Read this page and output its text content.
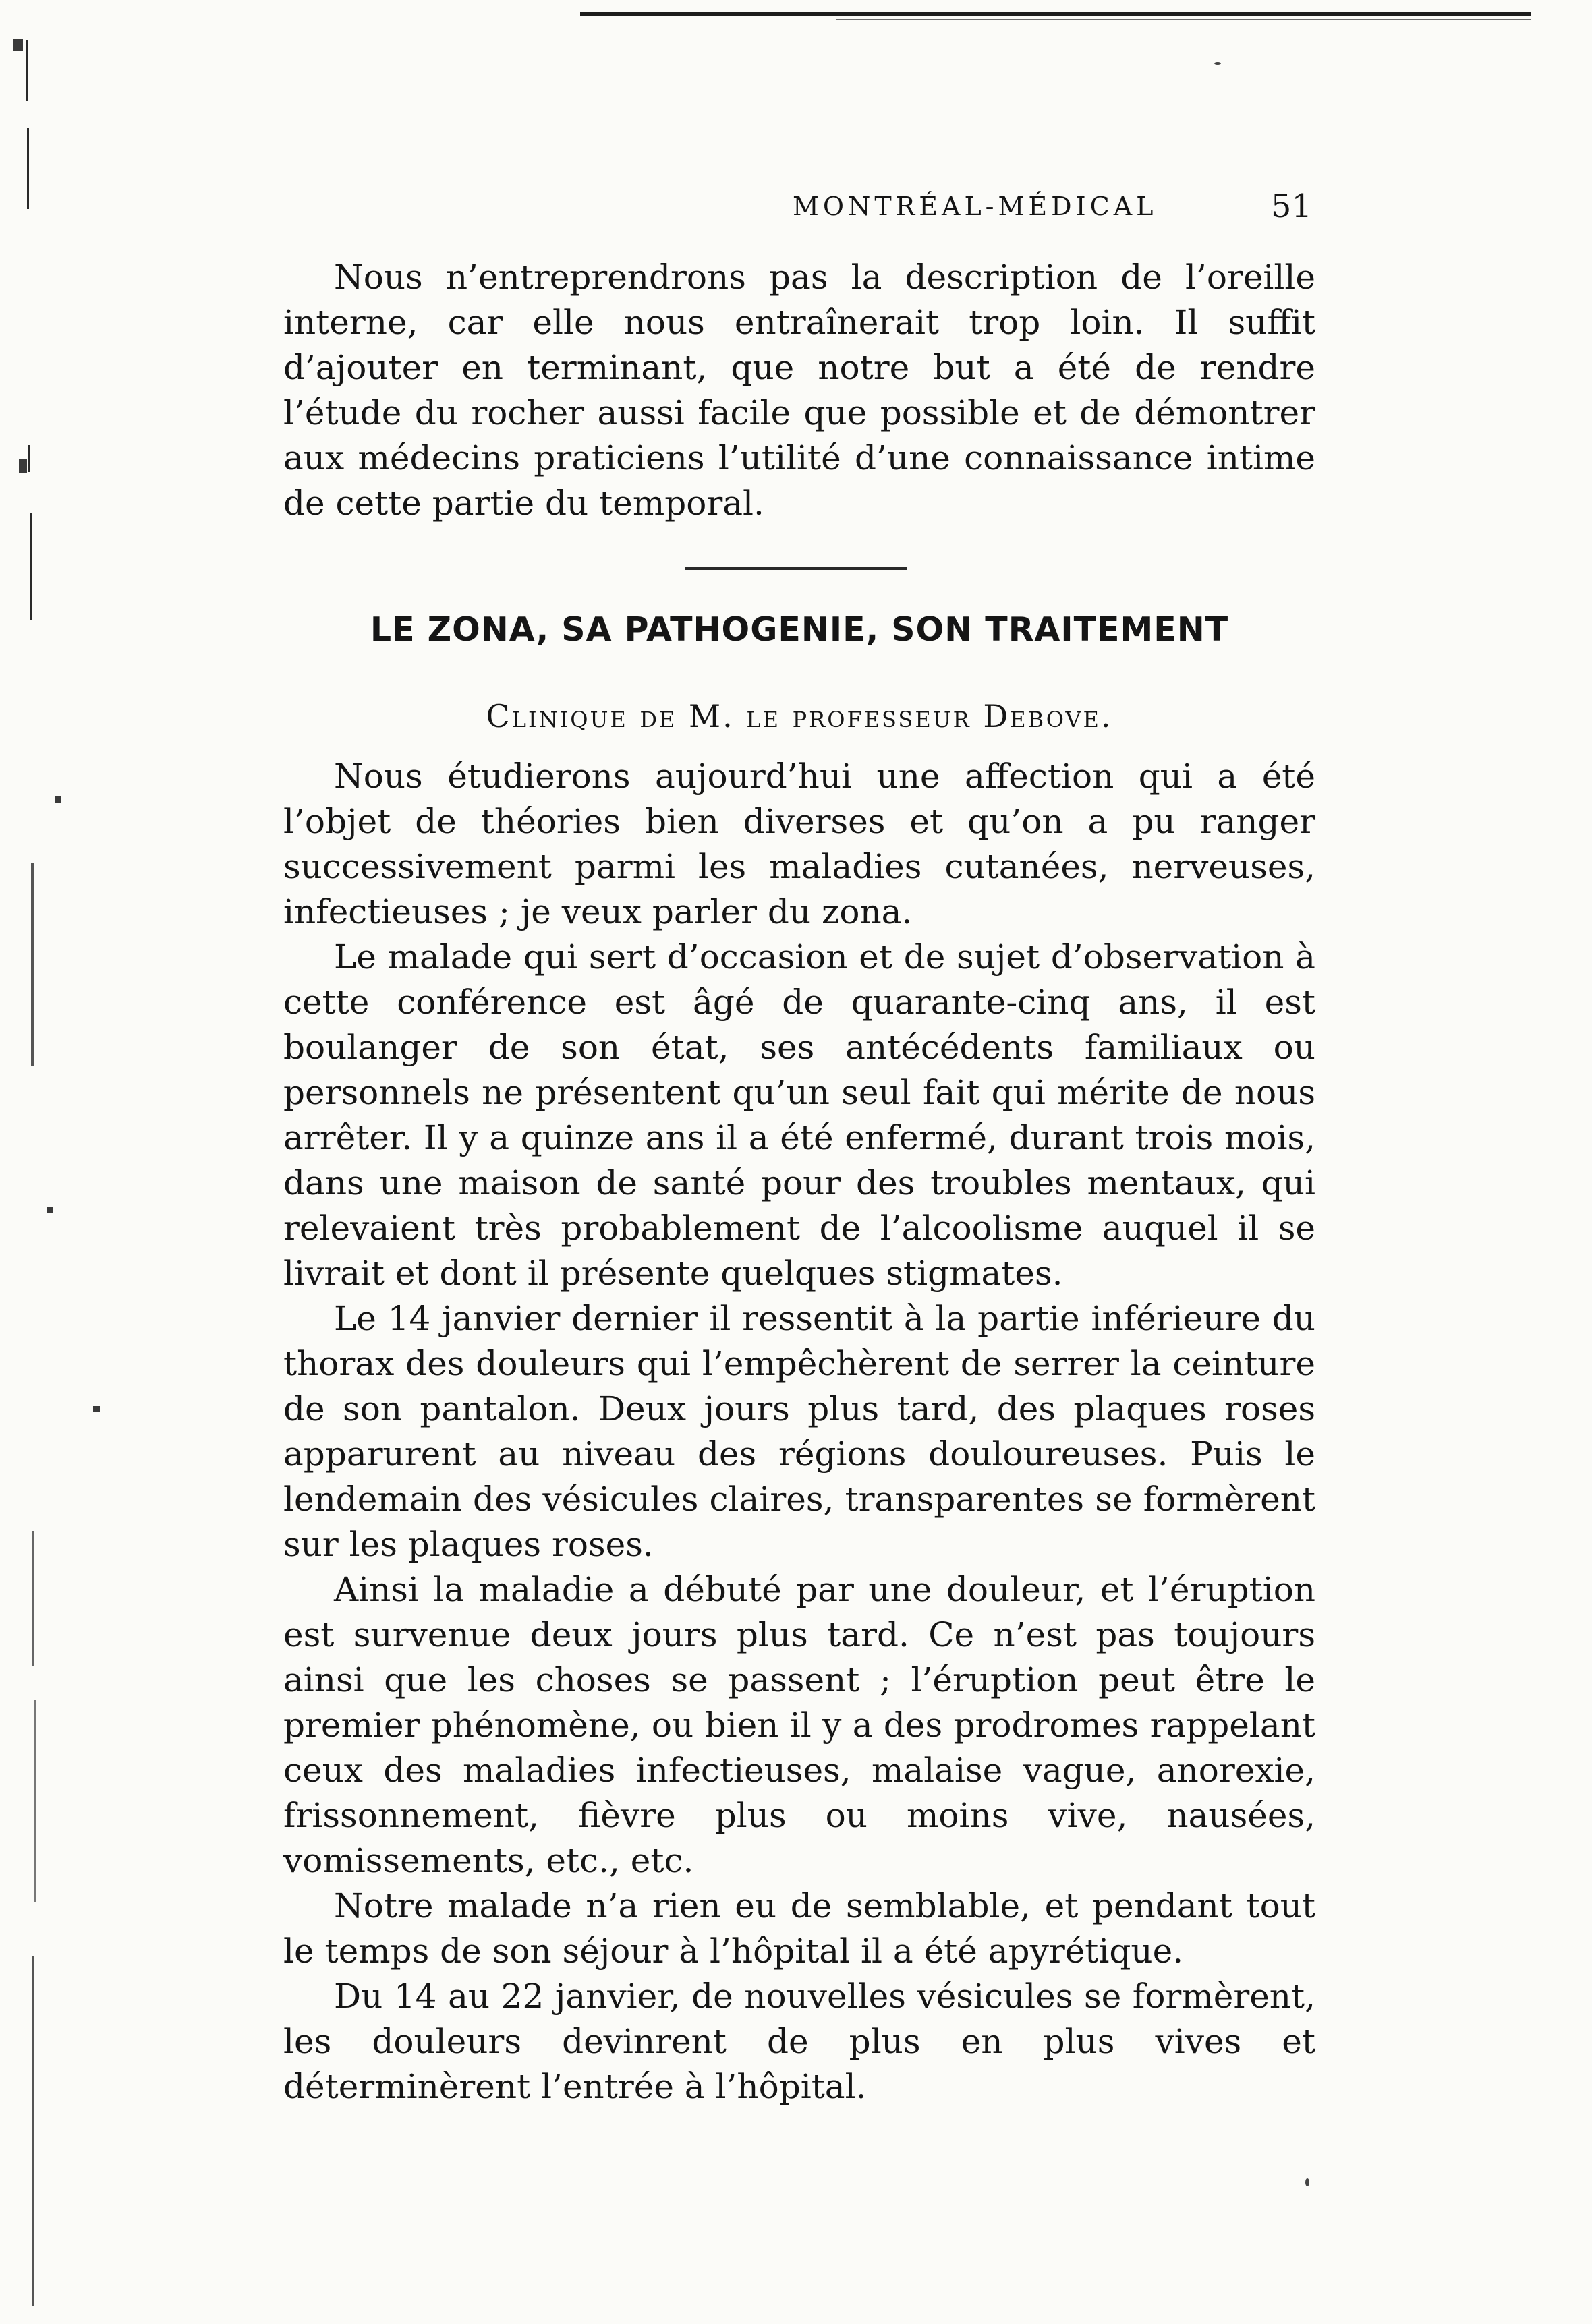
MONTRÉAL-MÉDICAL	51

Nous n’entreprendrons pas la description de l’oreille interne, car elle nous entraînerait trop loin. Il suffit d’ajouter en terminant, que notre but a été de rendre l’étude du rocher aussi facile que possible et de démontrer aux médecins praticiens l’utilité d’une connaissance intime de cette partie du temporal.

LE ZONA, SA PATHOGENIE, SON TRAITEMENT
Clinique de M. le professeur Debove.

Nous étudierons aujourd’hui une affection qui a été l’objet de théories bien diverses et qu’on a pu ranger successivement parmi les maladies cutanées, nerveuses, infectieuses ; je veux parler du zona.

Le malade qui sert d’occasion et de sujet d’observation à cette conférence est âgé de quarante-cinq ans, il est boulanger de son état, ses antécédents familiaux ou personnels ne présentent qu’un seul fait qui mérite de nous arrêter. Il y a quinze ans il a été enfermé, durant trois mois, dans une maison de santé pour des troubles mentaux, qui relevaient très probablement de l’alcoolisme auquel il se livrait et dont il présente quelques stigmates.

Le 14 janvier dernier il ressentit à la partie inférieure du thorax des douleurs qui l’empêchèrent de serrer la ceinture de son pantalon. Deux jours plus tard, des plaques roses apparurent au niveau des régions douloureuses. Puis le lendemain des vésicules claires, transparentes se formèrent sur les plaques roses.

Ainsi la maladie a débuté par une douleur, et l’éruption est survenue deux jours plus tard. Ce n’est pas toujours ainsi que les choses se passent ; l’éruption peut être le premier phénomène, ou bien il y a des prodromes rappelant ceux des maladies infectieuses, malaise vague, anorexie, frissonnement, fièvre plus ou moins vive, nausées, vomissements, etc., etc.

Notre malade n’a rien eu de semblable, et pendant tout le temps de son séjour à l’hôpital il a été apyrétique.

Du 14 au 22 janvier, de nouvelles vésicules se formèrent, les douleurs devinrent de plus en plus vives et déterminèrent l’entrée à l’hôpital.
